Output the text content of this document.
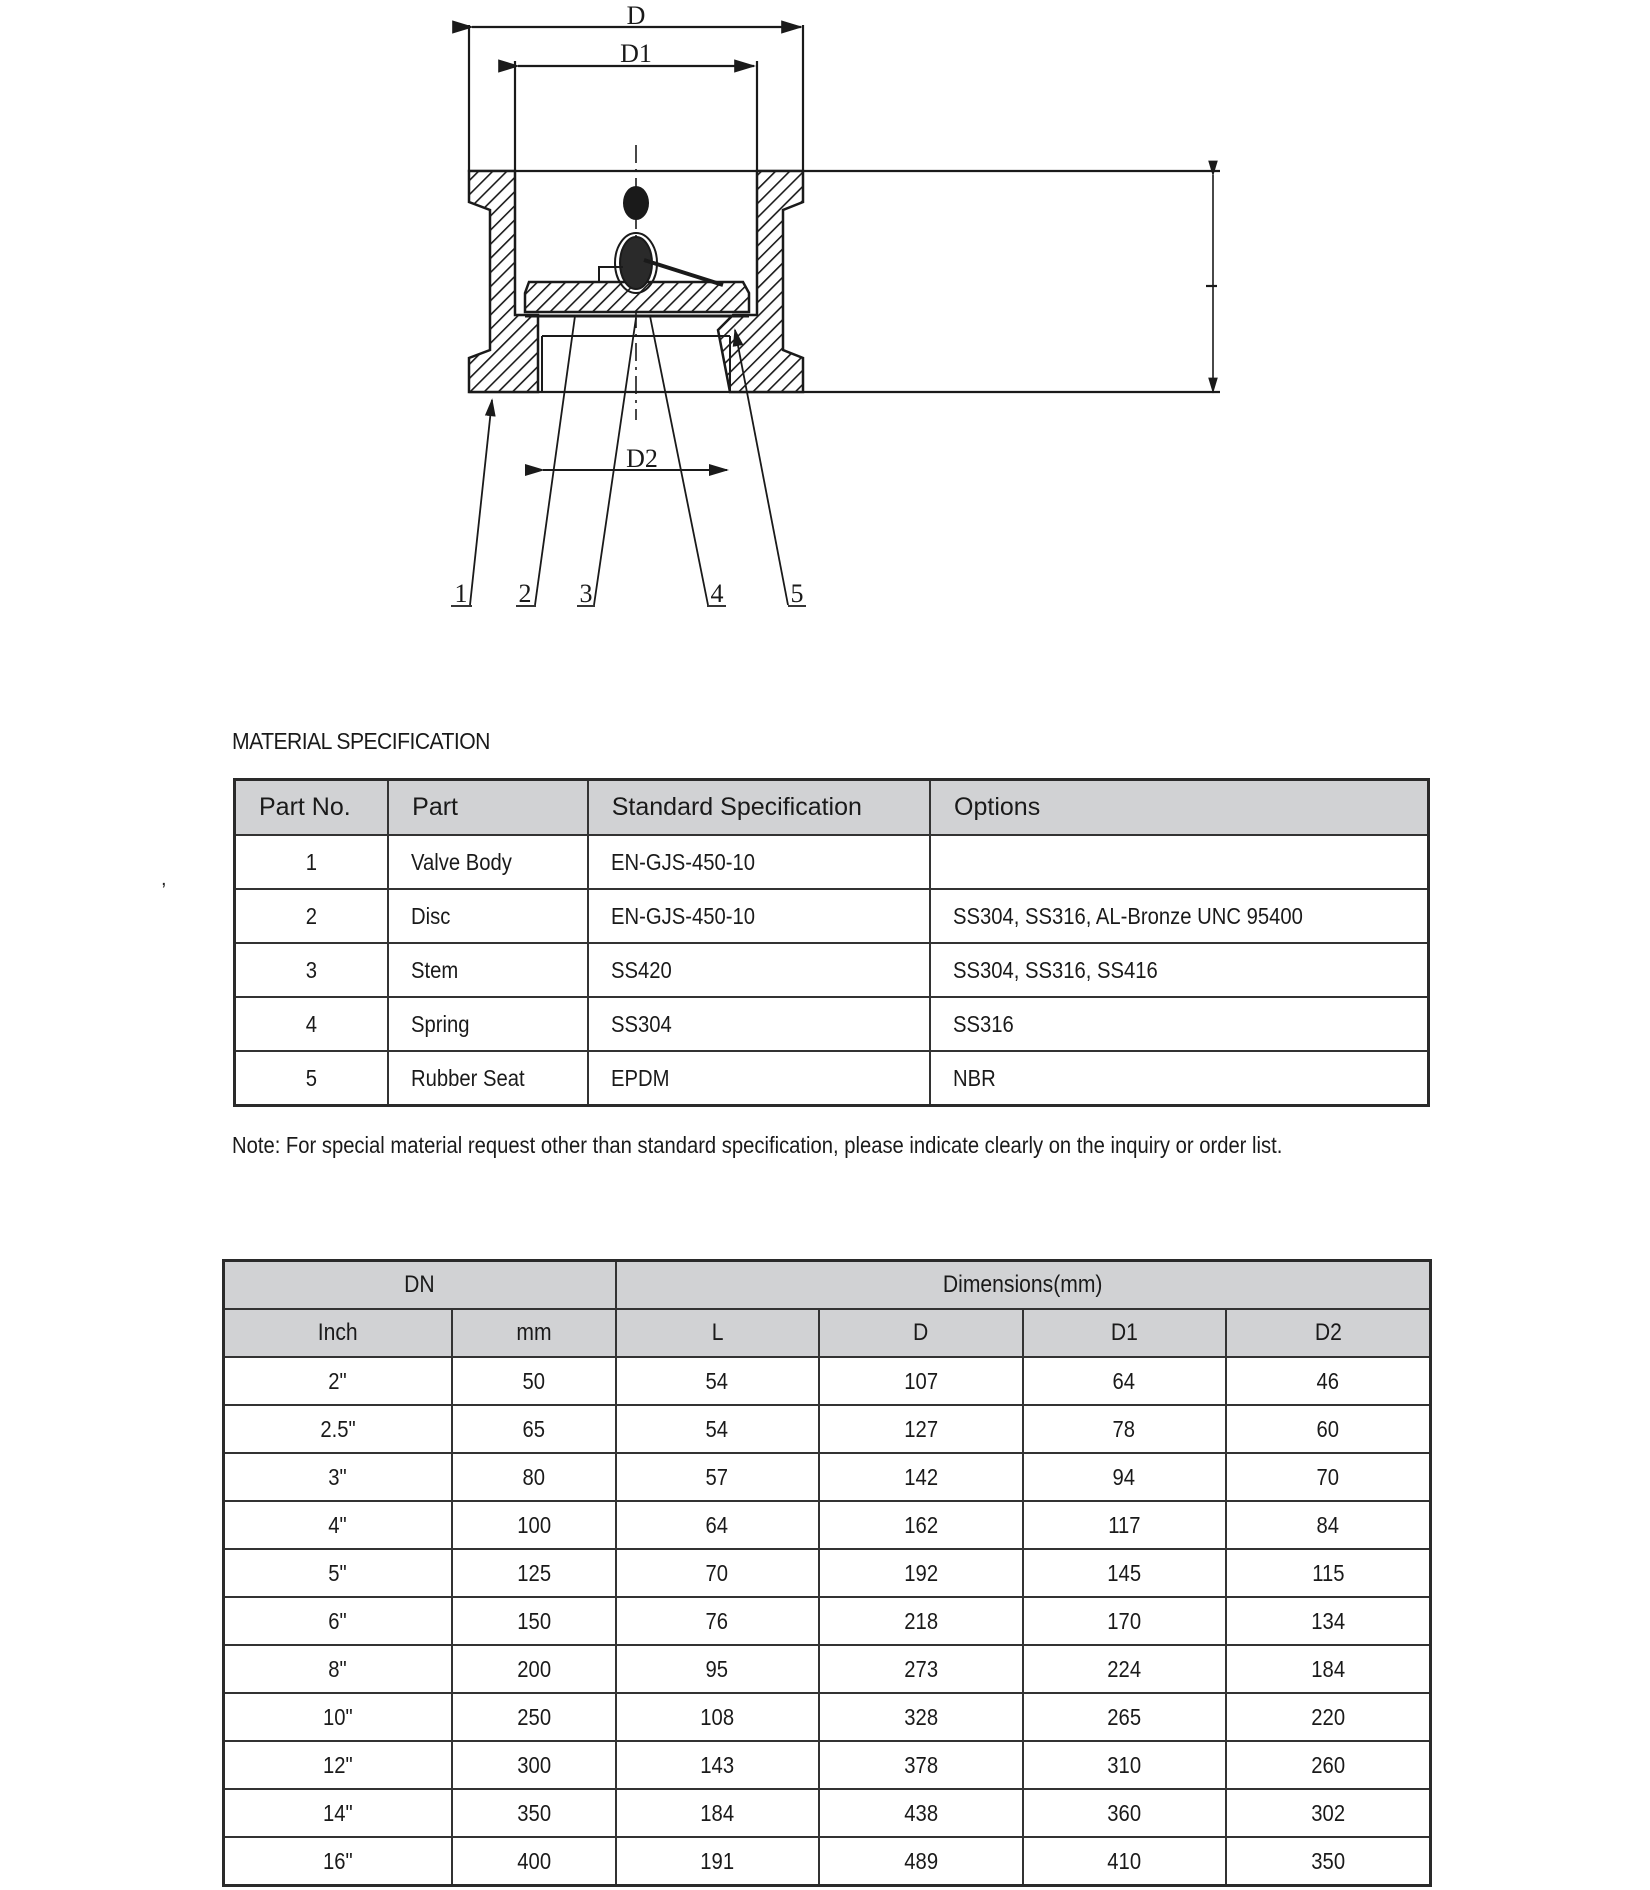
D
D1
D2
1 2 3	4	5
,
MATERIAL SPECIFICATION
Part No.	Part	Standard Specification	Options
1	Valve Body	EN-GJS-450-10	
2	Disc	EN-GJS-450-10	SS304, SS316, AL-Bronze UNC 95400
3	Stem	SS420	SS304, SS316, SS416
4	Spring	SS304	SS316
5	Rubber Seat	EPDM	NBR
Note: For special material request other than standard specification, please indicate clearly on the inquiry or order list.
DN		Dimensions(mm)			
Inch	mm	L	D	D1	D2
2"	50	54	107	64	46
2.5"	65	54	127	78	60
3"	80	57	142	94	70
4"	100	64	162	117	84
5"	125	70	192	145	115
6"	150	76	218	170	134
8"	200	95	273	224	184
10"	250	108	328	265	220
12"	300	143	378	310	260
14"	350	184	438	360	302
16"	400	191	489	410	350
